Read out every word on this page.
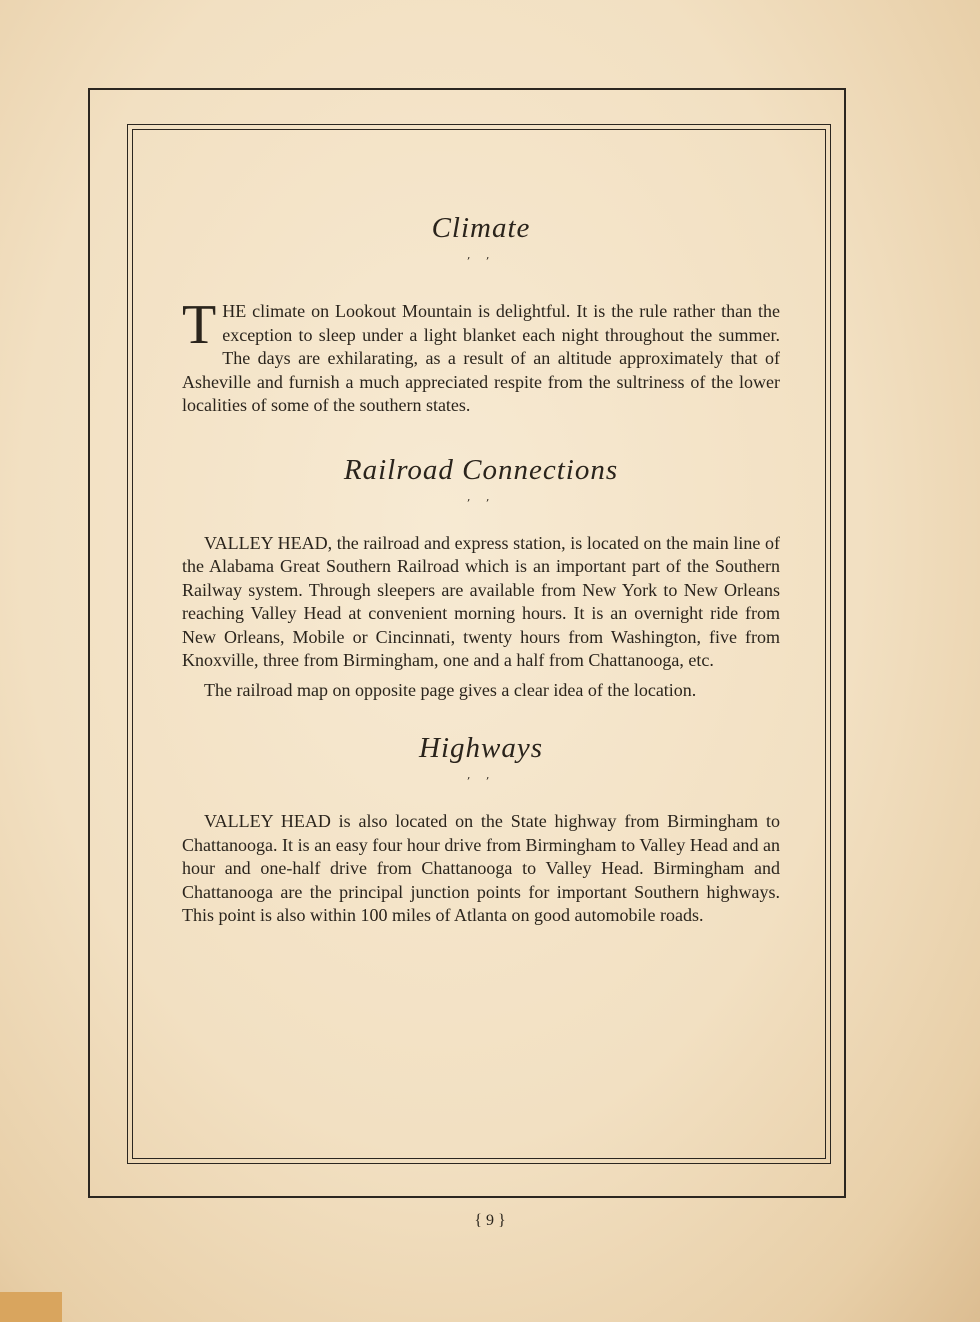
Climate
’ ’

THE climate on Lookout Mountain is delightful. It is the rule rather than the exception to sleep under a light blanket each night throughout the summer. The days are exhilarating, as a result of an altitude approximately that of Asheville and furnish a much appreciated respite from the sultriness of the lower localities of some of the southern states.

Railroad Connections
’ ’

VALLEY HEAD, the railroad and express station, is located on the main line of the Alabama Great Southern Railroad which is an important part of the Southern Railway system. Through sleepers are available from New York to New Orleans reaching Valley Head at convenient morning hours. It is an overnight ride from New Orleans, Mobile or Cincinnati, twenty hours from Washington, five from Knoxville, three from Birmingham, one and a half from Chattanooga, etc.

The railroad map on opposite page gives a clear idea of the location.

Highways
’ ’

VALLEY HEAD is also located on the State highway from Birmingham to Chattanooga. It is an easy four hour drive from Birmingham to Valley Head and an hour and one-half drive from Chattanooga to Valley Head. Birmingham and Chattanooga are the principal junction points for important Southern highways. This point is also within 100 miles of Atlanta on good automobile roads.

{ 9 }
